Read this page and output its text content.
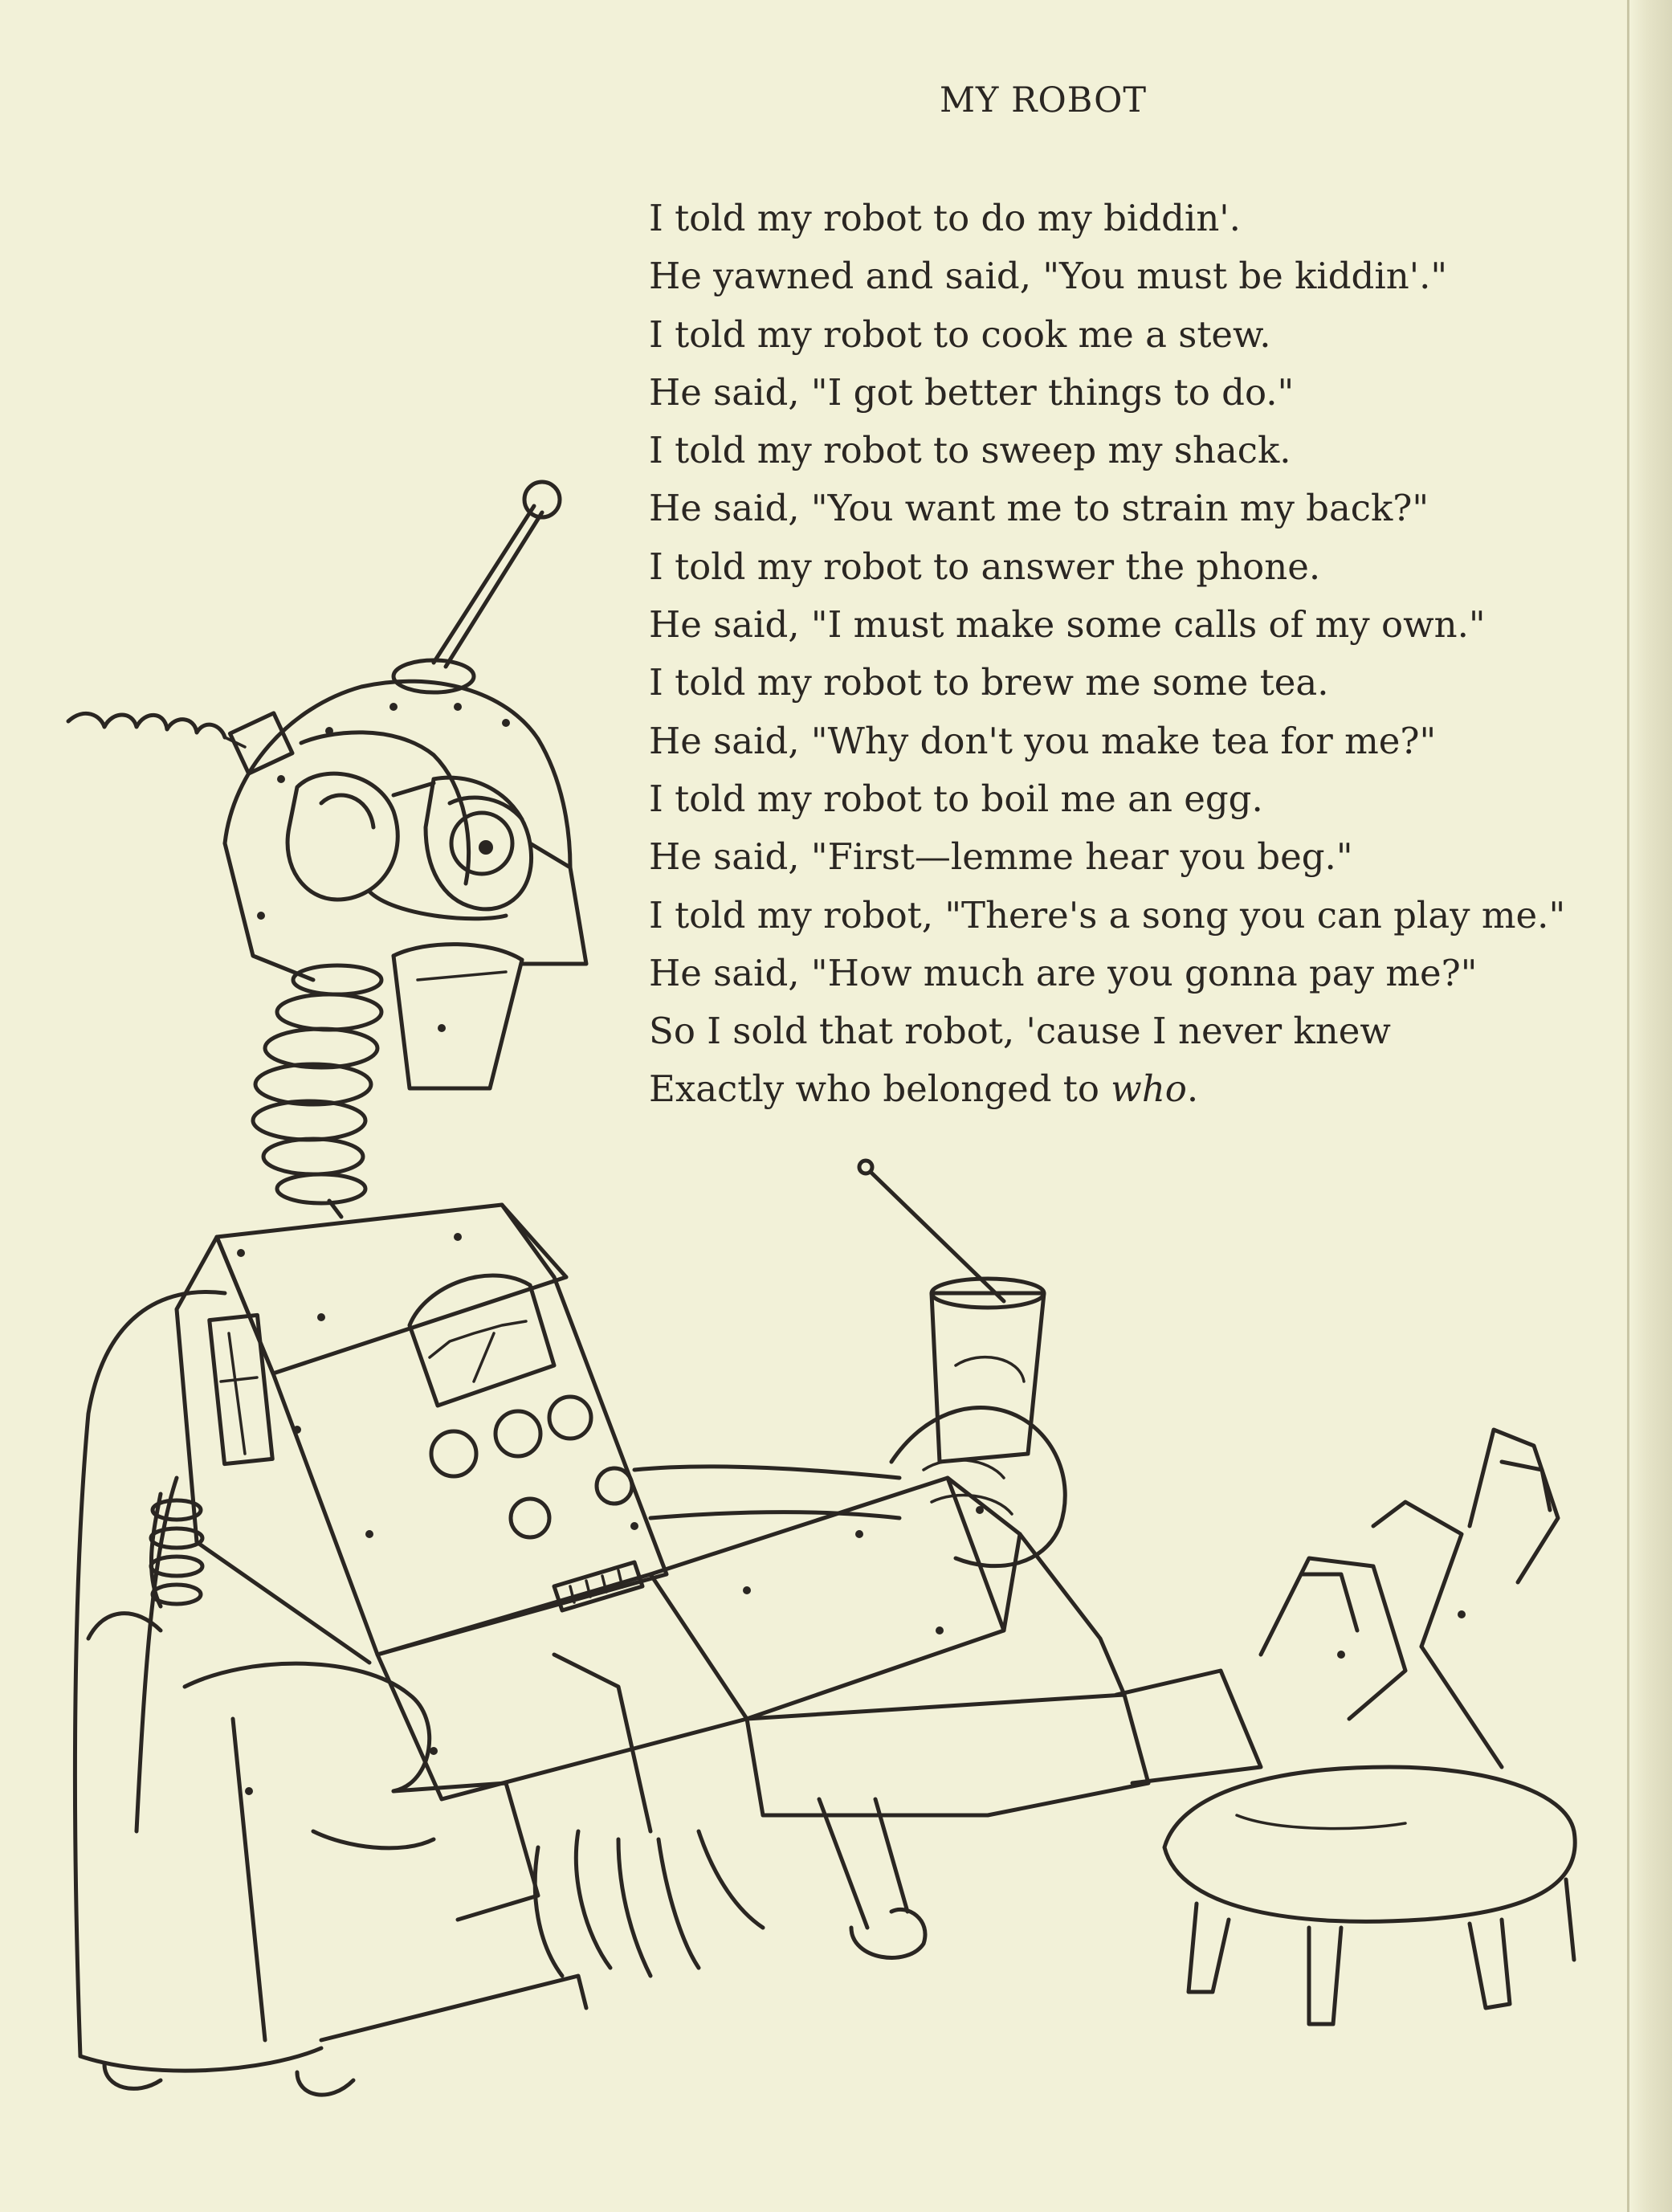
MY ROBOT
I told my robot to do my biddin'.
He yawned and said, "You must be kiddin'."
I told my robot to cook me a stew.
He said, "I got better things to do."
I told my robot to sweep my shack.
He said, "You want me to strain my back?"
I told my robot to answer the phone.
He said, "I must make some calls of my own."
I told my robot to brew me some tea.
He said, "Why don't you make tea for me?"
I told my robot to boil me an egg.
He said, "First—lemme hear you beg."
I told my robot, "There's a song you can play me."
He said, "How much are you gonna pay me?"
So I sold that robot, 'cause I never knew
Exactly who belonged to who.
